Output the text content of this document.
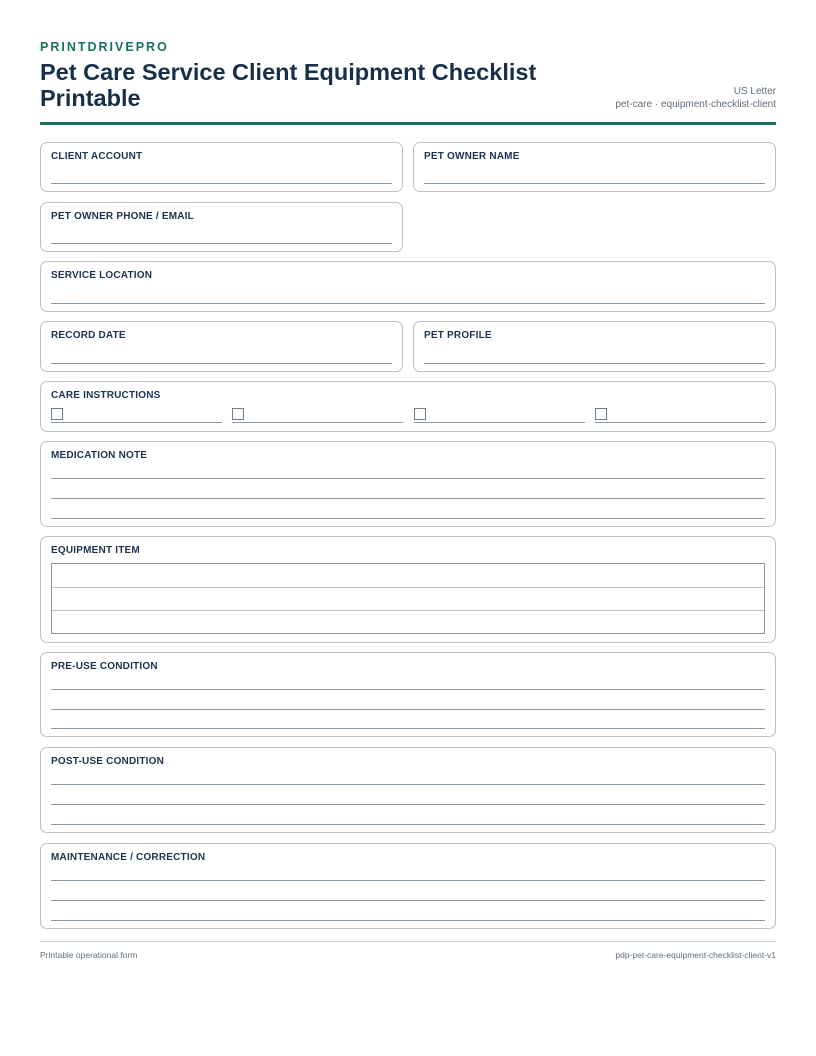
PRINTDRIVEPRO
Pet Care Service Client Equipment Checklist Printable	US Letter
pet-care · equipment-checklist-client
CLIENT ACCOUNT	PET OWNER NAME
PET OWNER PHONE / EMAIL
SERVICE LOCATION
RECORD DATE	PET PROFILE
CARE INSTRUCTIONS
MEDICATION NOTE
EQUIPMENT ITEM
PRE-USE CONDITION
POST-USE CONDITION
MAINTENANCE / CORRECTION
Printable operational form	pdp-pet-care-equipment-checklist-client-v1
